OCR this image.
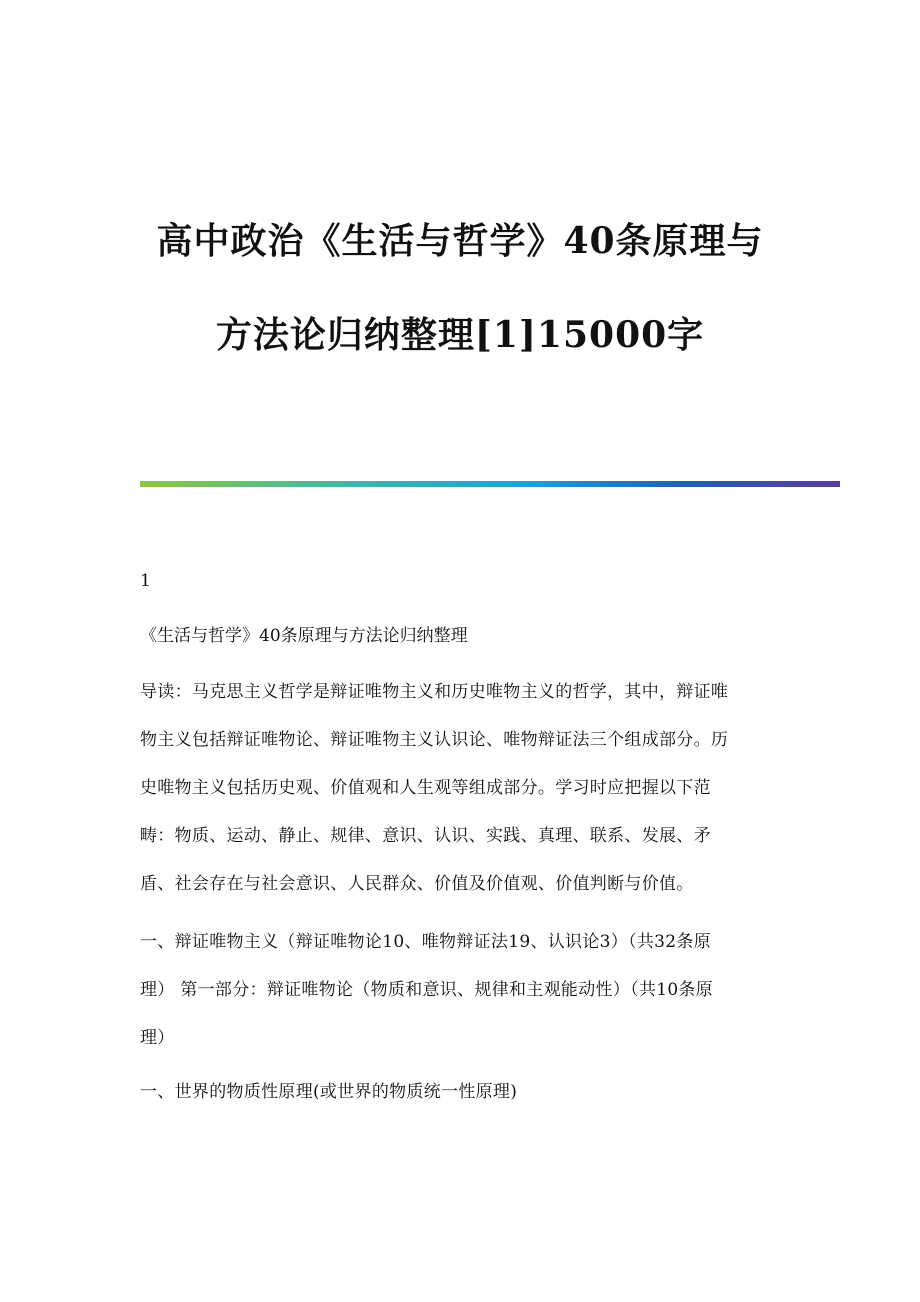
高中政治《生活与哲学》40条原理与
方法论归纳整理[1]15000字
1
《生活与哲学》40条原理与方法论归纳整理
导读：马克思主义哲学是辩证唯物主义和历史唯物主义的哲学，其中，辩证唯
物主义包括辩证唯物论、辩证唯物主义认识论、唯物辩证法三个组成部分。历
史唯物主义包括历史观、价值观和人生观等组成部分。学习时应把握以下范
畴：物质、运动、静止、规律、意识、认识、实践、真理、联系、发展、矛
盾、社会存在与社会意识、人民群众、价值及价值观、价值判断与价值。
一、辩证唯物主义（辩证唯物论10、唯物辩证法19、认识论3）（共32条原
理） 第一部分：辩证唯物论（物质和意识、规律和主观能动性）（共10条原
理）
一、世界的物质性原理(或世界的物质统一性原理)
